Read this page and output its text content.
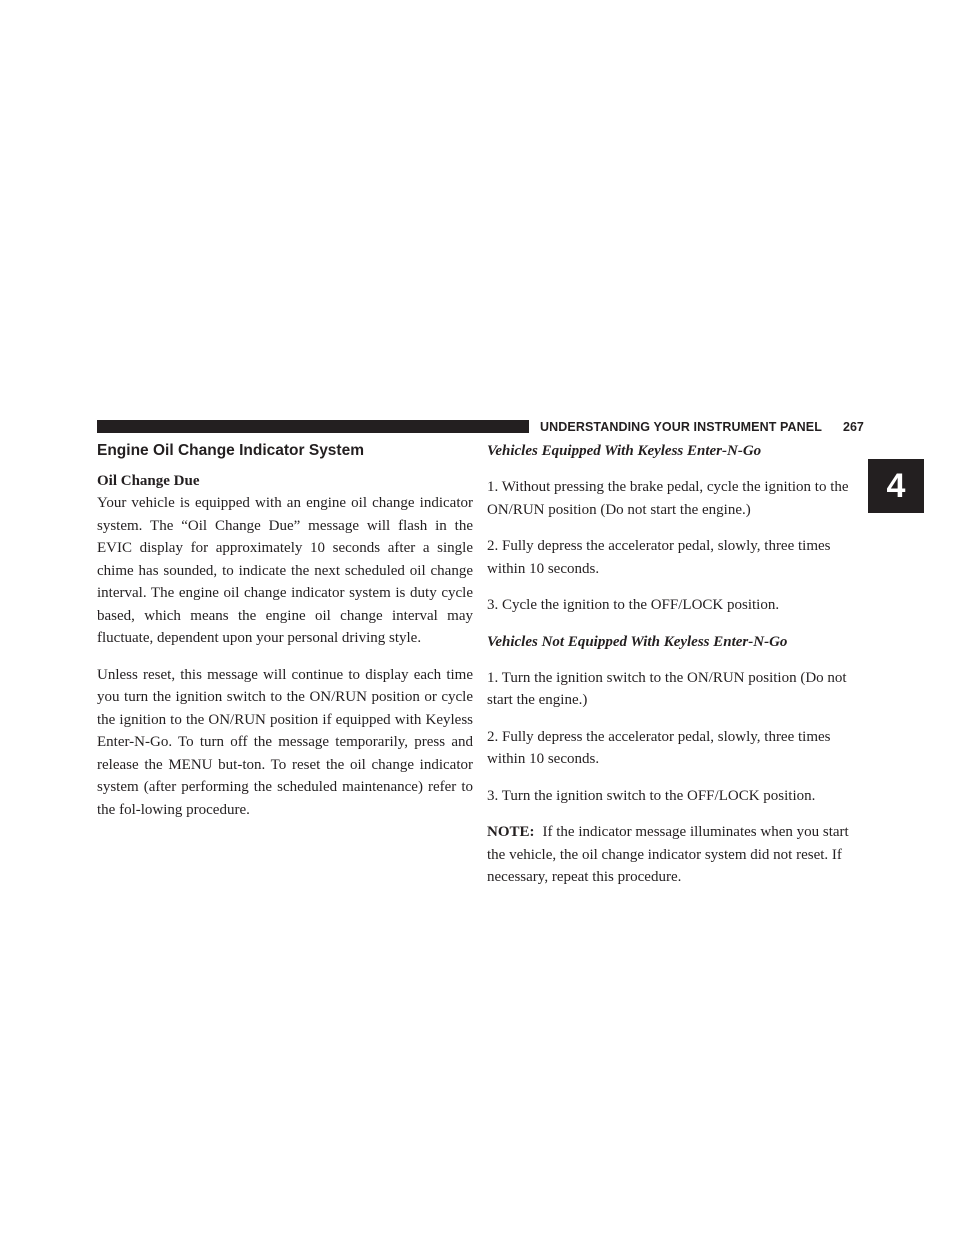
UNDERSTANDING YOUR INSTRUMENT PANEL 267
4
Engine Oil Change Indicator System
Oil Change Due

Your vehicle is equipped with an engine oil change indicator system. The “Oil Change Due” message will flash in the EVIC display for approximately 10 seconds after a single chime has sounded, to indicate the next scheduled oil change interval. The engine oil change indicator system is duty cycle based, which means the engine oil change interval may fluctuate, dependent upon your personal driving style.

Unless reset, this message will continue to display each time you turn the ignition switch to the ON/RUN position or cycle the ignition to the ON/RUN position if equipped with Keyless Enter-N-Go. To turn off the message temporarily, press and release the MENU but-ton. To reset the oil change indicator system (after performing the scheduled maintenance) refer to the fol-lowing procedure.

Vehicles Equipped With Keyless Enter-N-Go

1. Without pressing the brake pedal, cycle the ignition to the ON/RUN position (Do not start the engine.)

2. Fully depress the accelerator pedal, slowly, three times within 10 seconds.

3. Cycle the ignition to the OFF/LOCK position.

Vehicles Not Equipped With Keyless Enter-N-Go

1. Turn the ignition switch to the ON/RUN position (Do not start the engine.)

2. Fully depress the accelerator pedal, slowly, three times within 10 seconds.

3. Turn the ignition switch to the OFF/LOCK position.

NOTE: If the indicator message illuminates when you start the vehicle, the oil change indicator system did not reset. If necessary, repeat this procedure.
